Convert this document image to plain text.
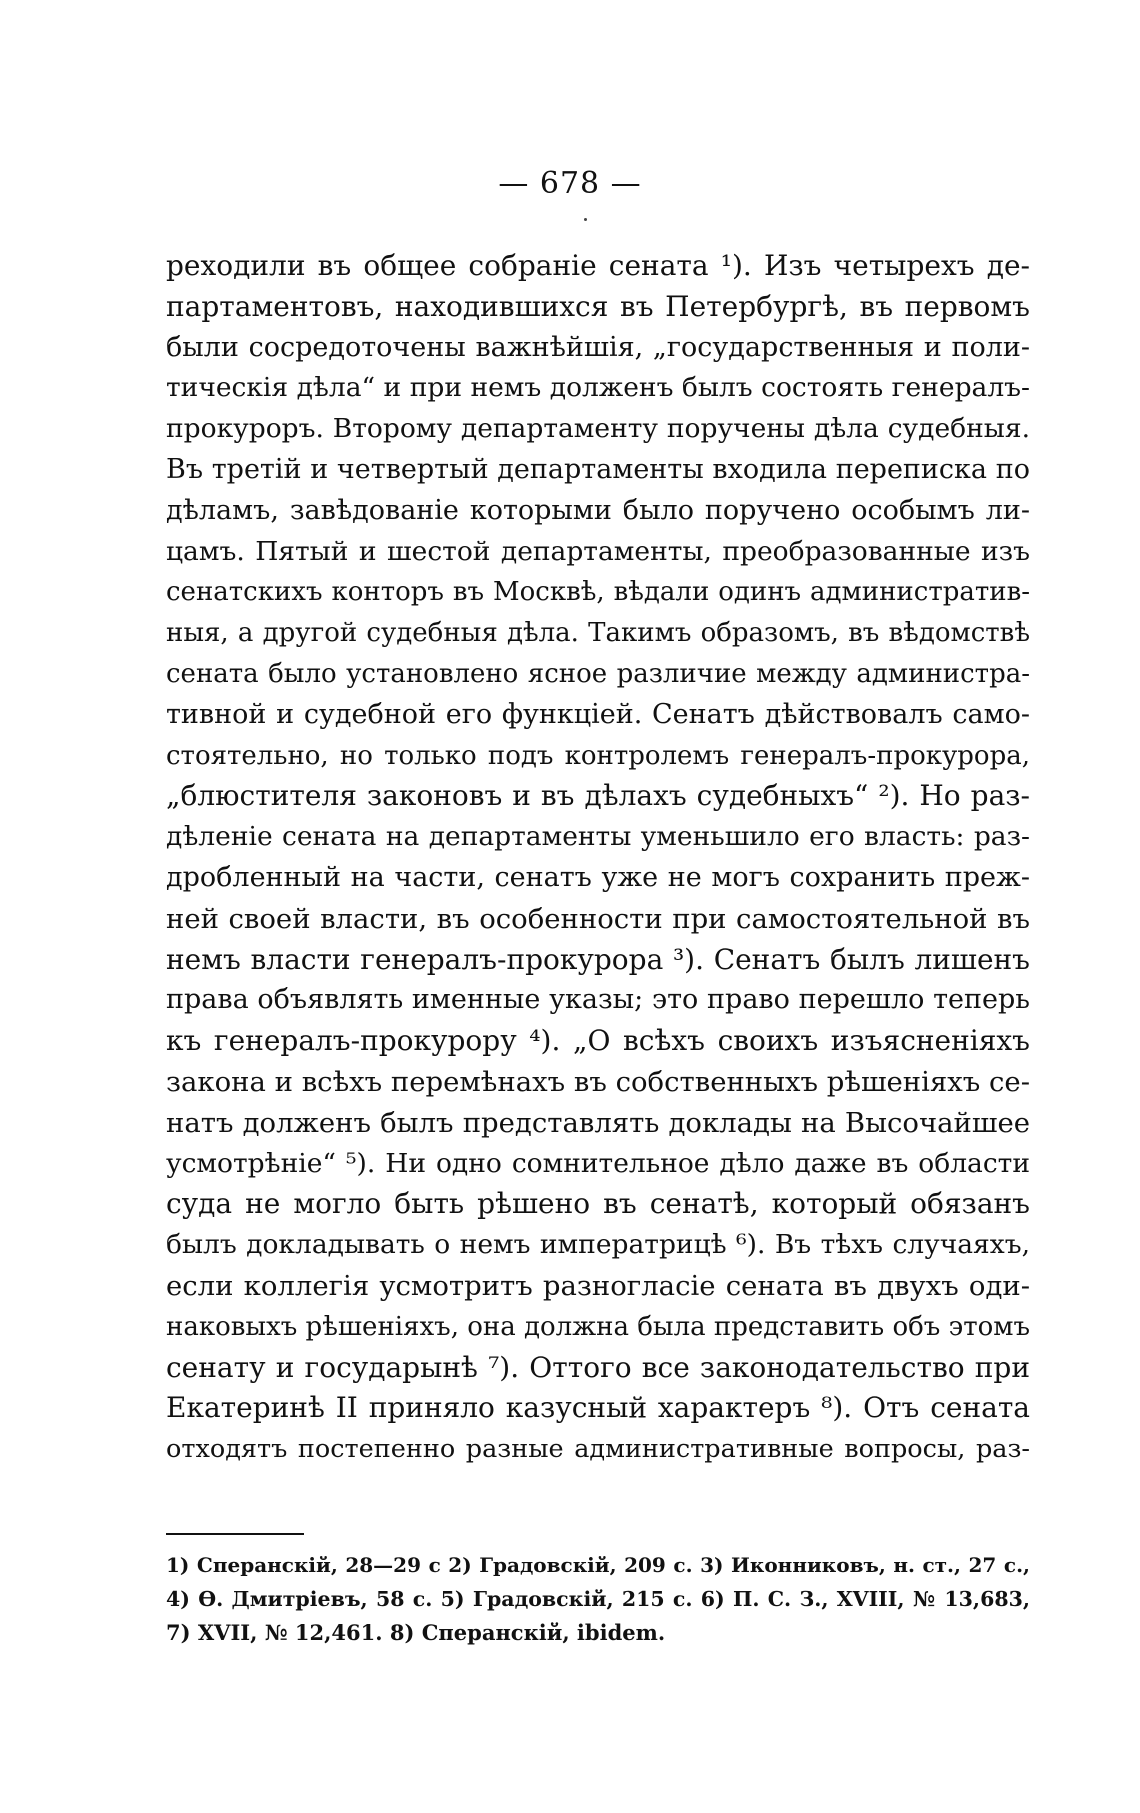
— 678 —
реходили въ общее собраніе сената ¹). Изъ четырехъ де-
партаментовъ, находившихся въ Петербургѣ, въ первомъ
были сосредоточены важнѣйшія, „государственныя и поли-
тическія дѣла“ и при немъ долженъ былъ состоять генералъ-
прокуроръ. Второму департаменту поручены дѣла судебныя.
Въ третій и четвертый департаменты входила переписка по
дѣламъ, завѣдованіе которыми было поручено особымъ ли-
цамъ. Пятый и шестой департаменты, преобразованные изъ
сенатскихъ конторъ въ Москвѣ, вѣдали одинъ административ-
ныя, а другой судебныя дѣла. Такимъ образомъ, въ вѣдомствѣ
сената было установлено ясное различие между администра-
тивной и судебной его функціей. Сенатъ дѣйствовалъ само-
стоятельно, но только подъ контролемъ генералъ-прокурора,
„блюстителя законовъ и въ дѣлахъ судебныхъ“ ²). Но раз-
дѣленіе сената на департаменты уменьшило его власть: раз-
дробленный на части, сенатъ уже не могъ сохранить преж-
ней своей власти, въ особенности при самостоятельной въ
немъ власти генералъ-прокурора ³). Сенатъ былъ лишенъ
права объявлять именные указы; это право перешло теперь
къ генералъ-прокурору ⁴). „О всѣхъ своихъ изъясненіяхъ
закона и всѣхъ перемѣнахъ въ собственныхъ рѣшеніяхъ се-
натъ долженъ былъ представлять доклады на Высочайшее
усмотрѣніе“ ⁵). Ни одно сомнительное дѣло даже въ области
суда не могло быть рѣшено въ сенатѣ, который обязанъ
былъ докладывать о немъ императрицѣ ⁶). Въ тѣхъ случаяхъ,
если коллегія усмотритъ разногласіе сената въ двухъ оди-
наковыхъ рѣшеніяхъ, она должна была представить объ этомъ
сенату и государынѣ ⁷). Оттого все законодательство при
Екатеринѣ II приняло казусный характеръ ⁸). Отъ сената
отходятъ постепенно разные административные вопросы, раз-
1) Сперанскій, 28—29 с 2) Градовскій, 209 с. 3) Иконниковъ, н. ст., 27 с.,
4) Ѳ. Дмитріевъ, 58 с. 5) Градовскій, 215 с. 6) П. С. З., XVIII, № 13,683,
7) XVII, № 12,461. 8) Сперанскій, ibidem.
